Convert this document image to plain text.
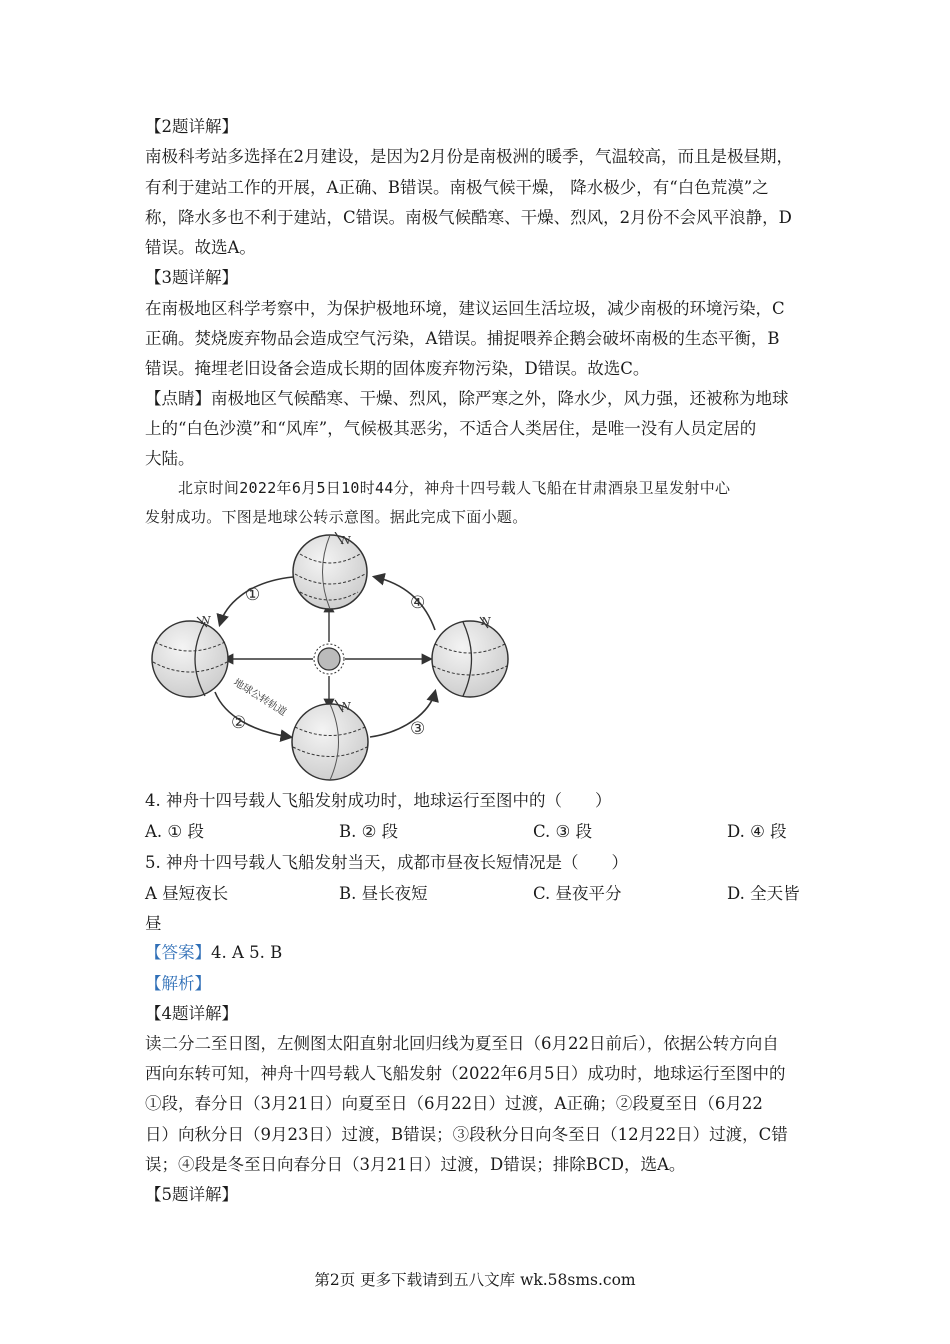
【2题详解】
南极科考站多选择在2月建设，是因为2月份是南极洲的暖季，气温较高，而且是极昼期，
有利于建站工作的开展，A正确、B错误。南极气候干燥， 降水极少，有“白色荒漠”之
称，降水多也不利于建站，C错误。南极气候酷寒、干燥、烈风，2月份不会风平浪静，D
错误。故选A。
【3题详解】
在南极地区科学考察中，为保护极地环境，建议运回生活垃圾，减少南极的环境污染，C
正确。焚烧废弃物品会造成空气污染，A错误。捕捉喂养企鹅会破坏南极的生态平衡，B
错误。掩埋老旧设备会造成长期的固体废弃物污染，D错误。故选C。
【点睛】南极地区气候酷寒、干燥、烈风，除严寒之外，降水少，风力强，还被称为地球
上的“白色沙漠”和“风库”，气候极其恶劣，不适合人类居住，是唯一没有人员定居的
大陆。
北京时间2022年6月5日10时44分，神舟十四号载人飞船在甘肃酒泉卫星发射中心
发射成功。下图是地球公转示意图。据此完成下面小题。
N
N	N
N
①	④
②	③
地球公转轨道
4. 神舟十四号载人飞船发射成功时，地球运行至图中的（　　）
A. ① 段	B. ② 段	C. ③ 段	D. ④ 段
5. 神舟十四号载人飞船发射当天，成都市昼夜长短情况是（　　）
A 昼短夜长	B. 昼长夜短	C. 昼夜平分	D. 全天皆
昼
【答案】4. A 5. B
【解析】
【4题详解】
读二分二至日图，左侧图太阳直射北回归线为夏至日（6月22日前后），依据公转方向自
西向东转可知，神舟十四号载人飞船发射（2022年6月5日）成功时，地球运行至图中的
①段，春分日（3月21日）向夏至日（6月22日）过渡，A正确；②段夏至日（6月22
日）向秋分日（9月23日）过渡，B错误；③段秋分日向冬至日（12月22日）过渡，C错
误；④段是冬至日向春分日（3月21日）过渡，D错误；排除BCD，选A。
【5题详解】
第2页 更多下载请到五八文库 wk.58sms.com
